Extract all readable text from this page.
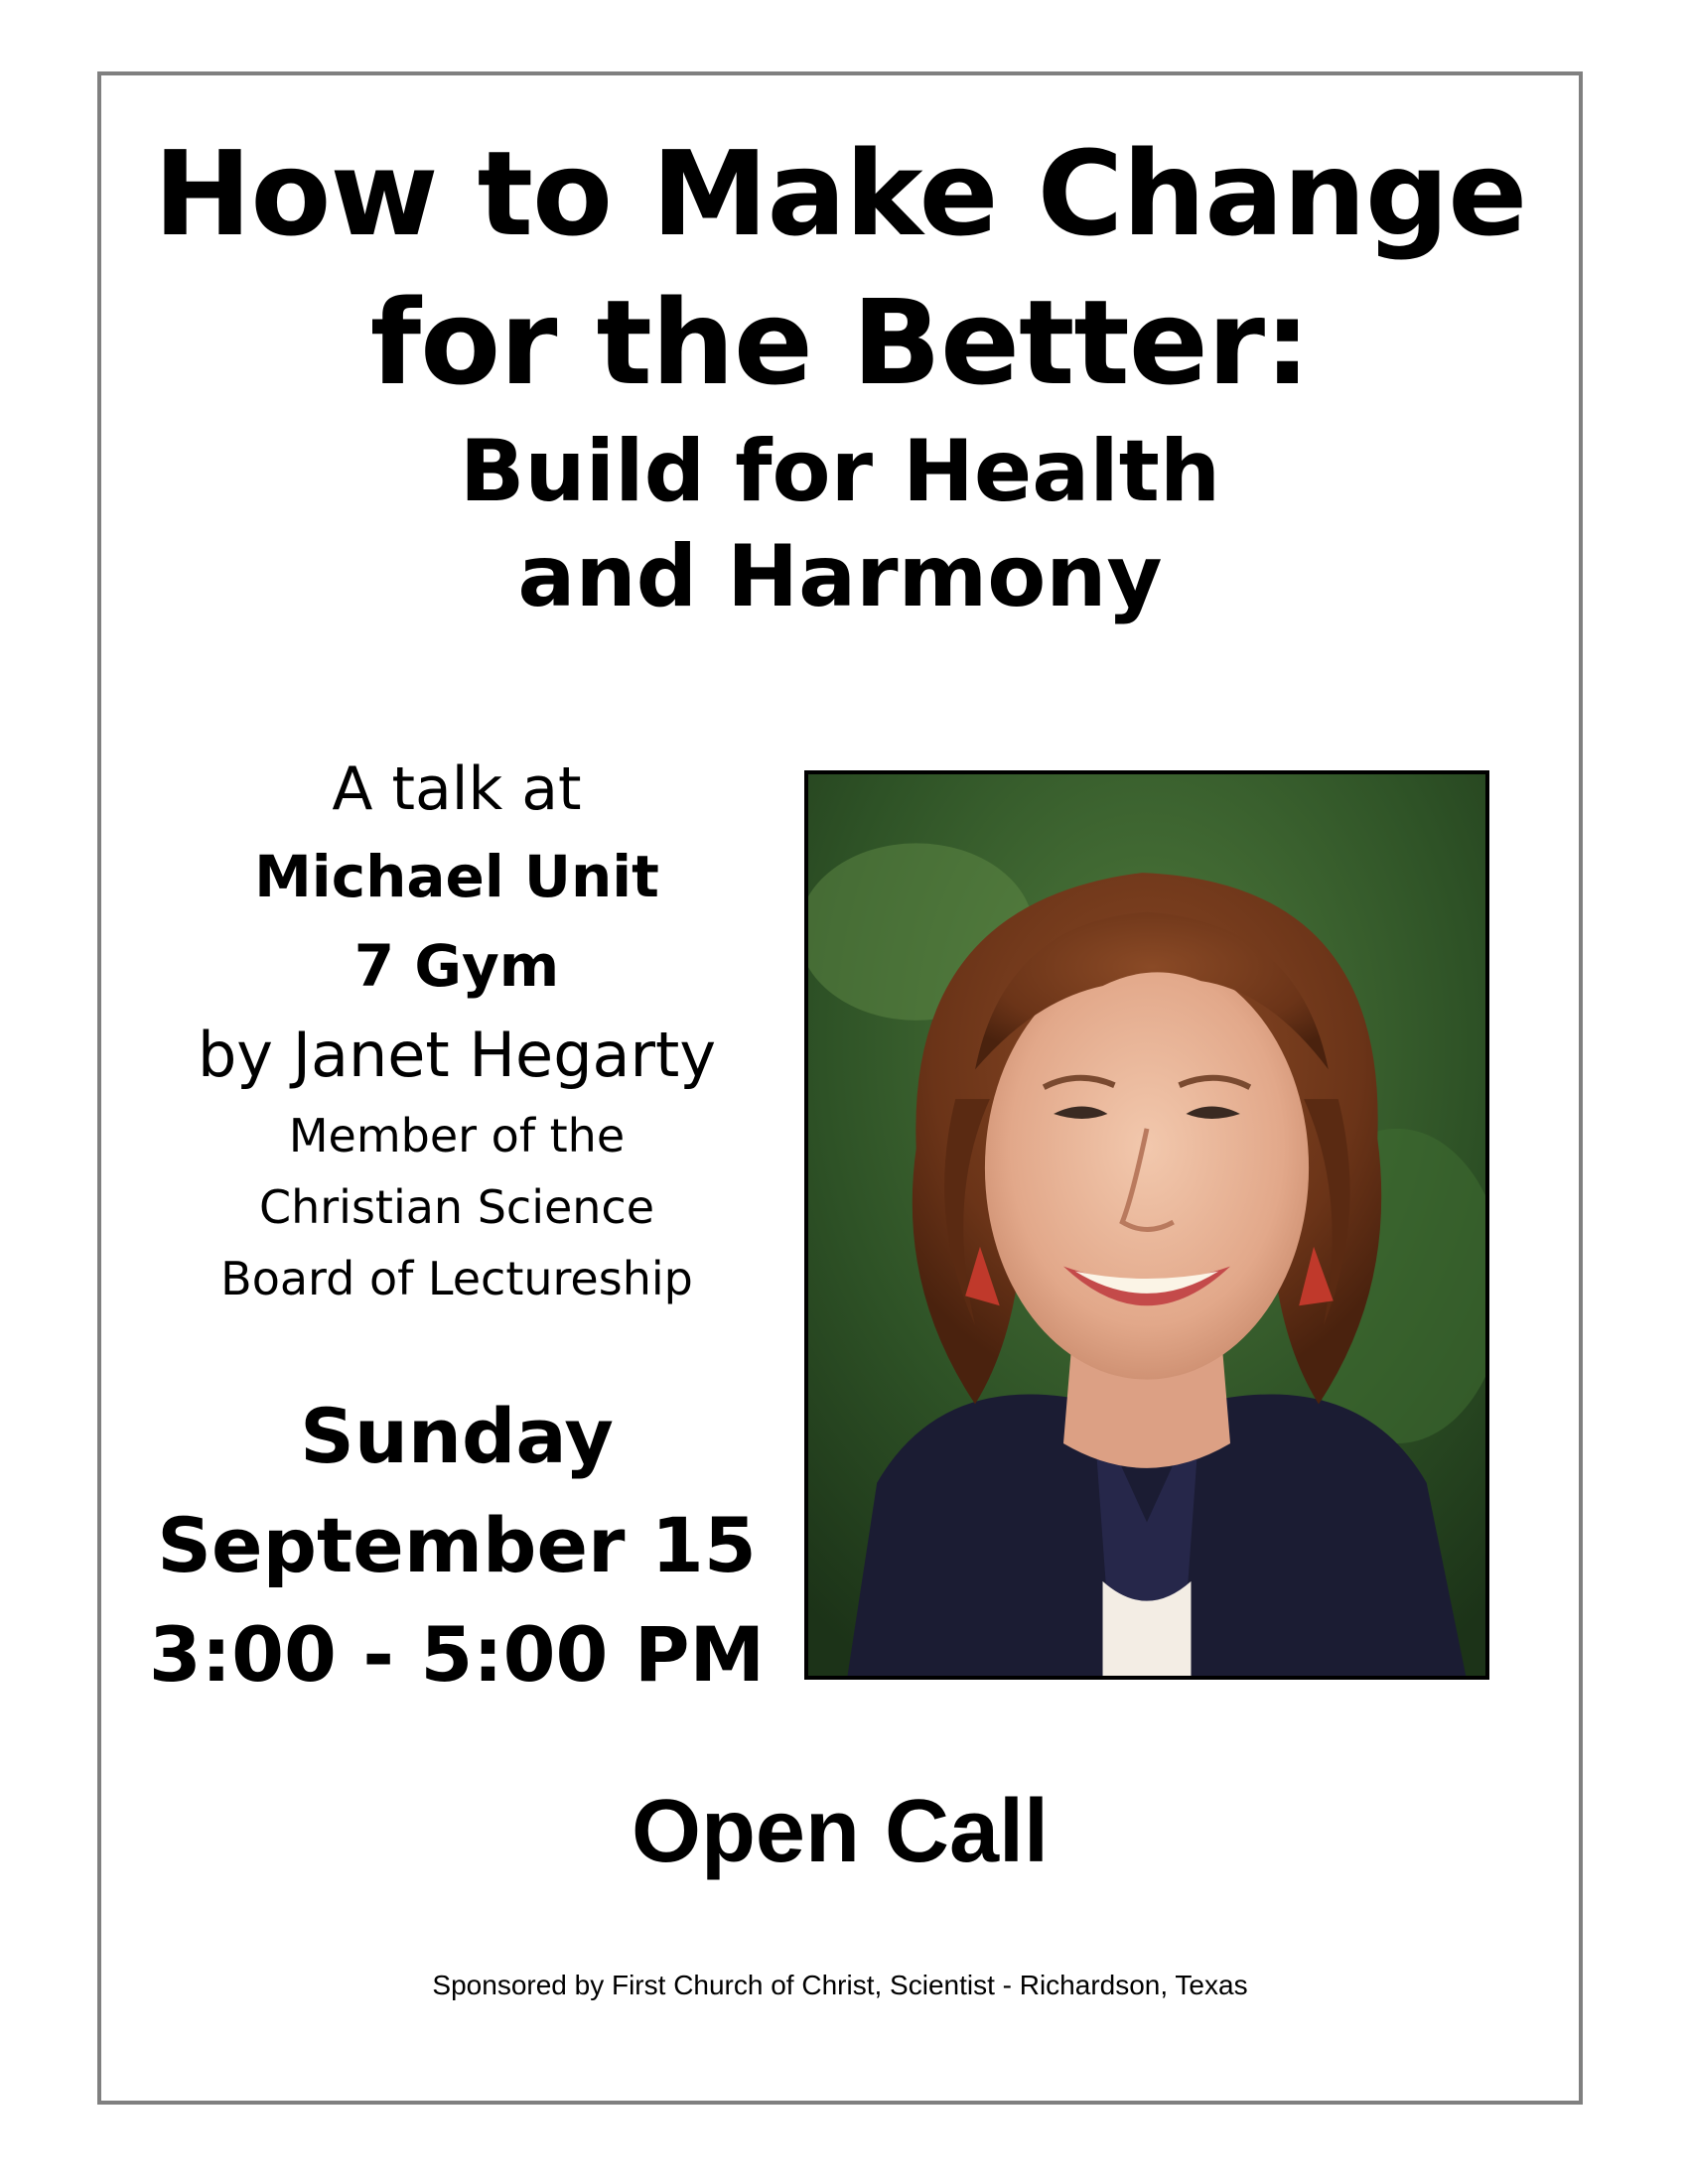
How to Make Change
for the Better:
Build for Health
and Harmony
A talk at
Michael Unit
7 Gym
by Janet Hegarty
Member of the
Christian Science
Board of Lectureship
Sunday
September 15
3:00 - 5:00 PM
Open Call
Sponsored by First Church of Christ, Scientist - Richardson, Texas
